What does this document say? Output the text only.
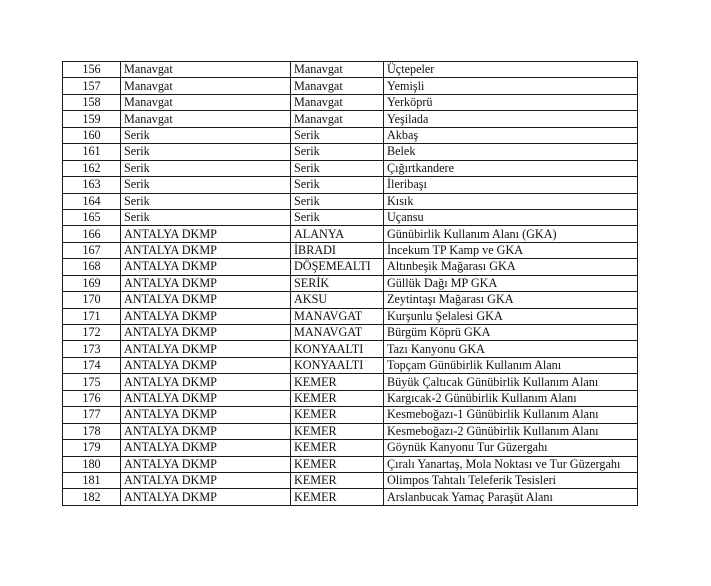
156	Manavgat	Manavgat	Üçtepeler
157	Manavgat	Manavgat	Yemişli
158	Manavgat	Manavgat	Yerköprü
159	Manavgat	Manavgat	Yeşilada
160	Serik	Serik	Akbaş
161	Serik	Serik	Belek
162	Serik	Serik	Çığırtkandere
163	Serik	Serik	İleribaşı
164	Serik	Serik	Kısık
165	Serik	Serik	Uçansu
166	ANTALYA DKMP	ALANYA	Günübirlik Kullanım Alanı (GKA)
167	ANTALYA DKMP	İBRADI	İncekum TP Kamp ve GKA
168	ANTALYA DKMP	DÖŞEMEALTI	Altınbeşik Mağarası GKA
169	ANTALYA DKMP	SERİK	Güllük Dağı MP GKA
170	ANTALYA DKMP	AKSU	Zeytintaşı Mağarası GKA
171	ANTALYA DKMP	MANAVGAT	Kurşunlu Şelalesi GKA
172	ANTALYA DKMP	MANAVGAT	Bürgüm Köprü GKA
173	ANTALYA DKMP	KONYAALTI	Tazı Kanyonu GKA
174	ANTALYA DKMP	KONYAALTI	Topçam Günübirlik Kullanım Alanı
175	ANTALYA DKMP	KEMER	Büyük Çaltıcak Günübirlik Kullanım Alanı
176	ANTALYA DKMP	KEMER	Kargıcak-2 Günübirlik Kullanım Alanı
177	ANTALYA DKMP	KEMER	Kesmeboğazı-1 Günübirlik Kullanım Alanı
178	ANTALYA DKMP	KEMER	Kesmeboğazı-2 Günübirlik Kullanım Alanı
179	ANTALYA DKMP	KEMER	Göynük Kanyonu Tur Güzergahı
180	ANTALYA DKMP	KEMER	Çıralı Yanartaş, Mola Noktası ve Tur Güzergahı
181	ANTALYA DKMP	KEMER	Olimpos Tahtalı Teleferik Tesisleri
182	ANTALYA DKMP	KEMER	Arslanbucak Yamaç Paraşüt Alanı
